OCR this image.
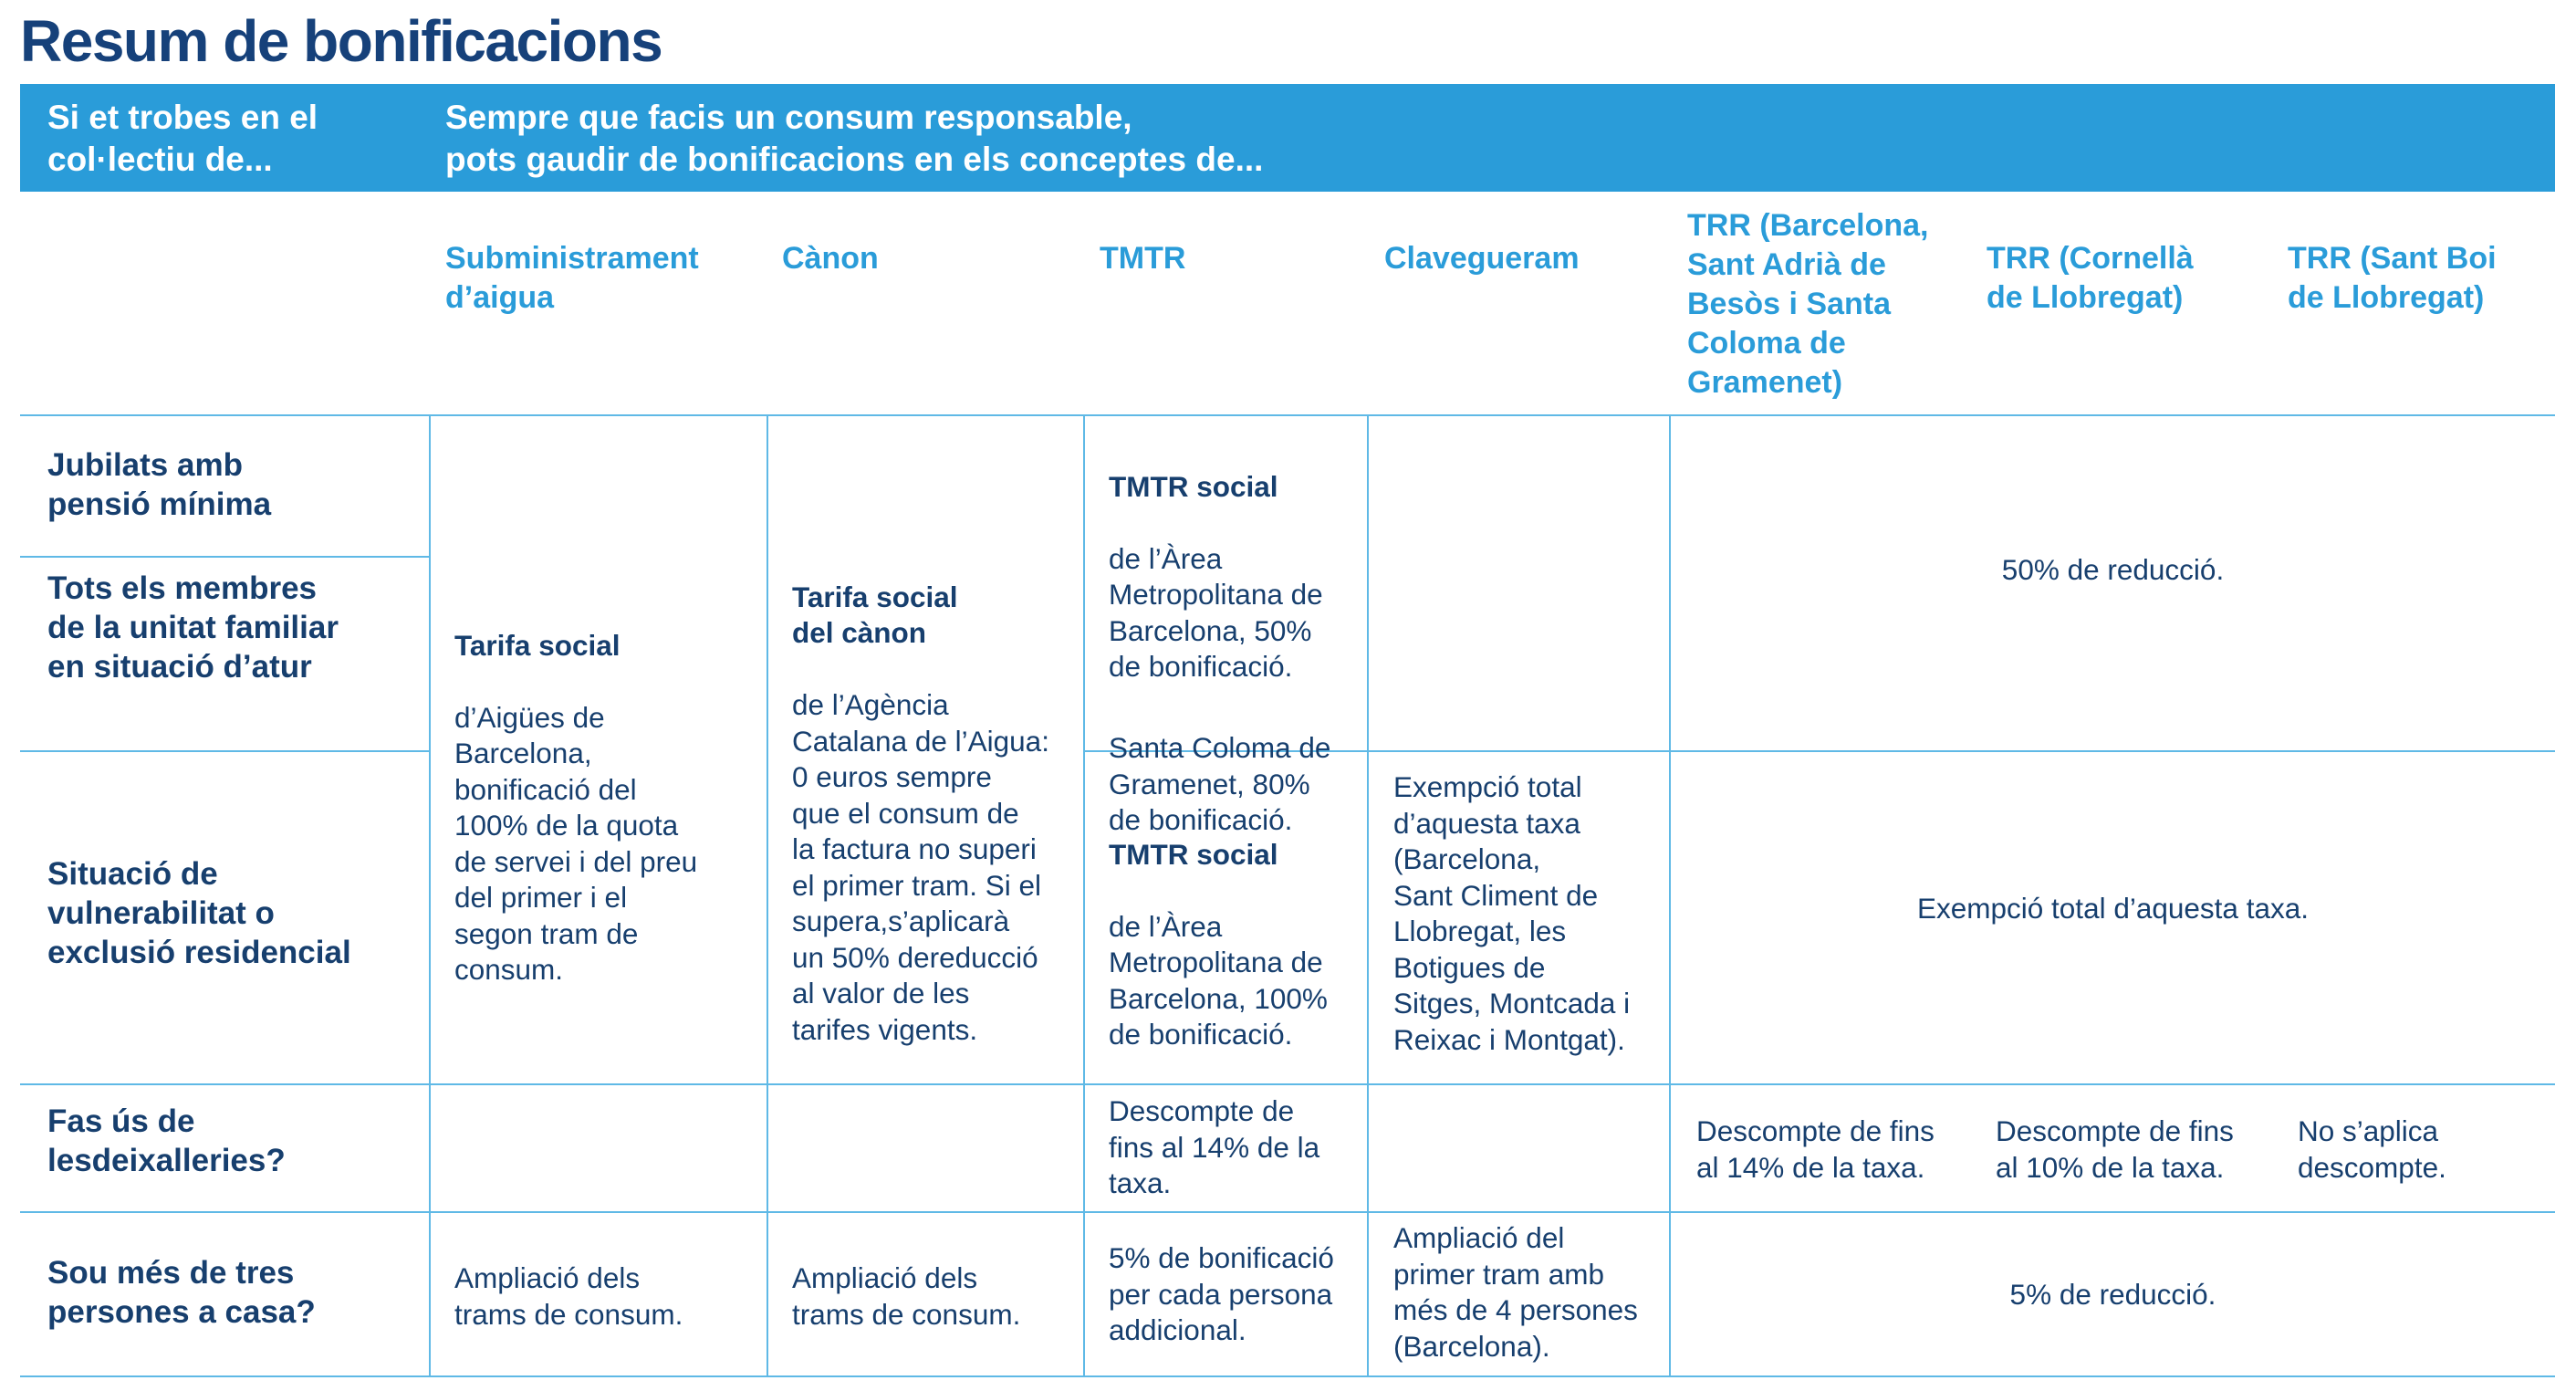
Resum de bonificacions
Si et trobes en el
col·lectiu de...
Sempre que facis un consum responsable,
pots gaudir de bonificacions en els conceptes de...
Subministrament
d’aigua
Cànon	TMTR	Clavegueram
TRR (Barcelona,
Sant Adrià de
Besòs i Santa
Coloma de
Gramenet)
TRR (Cornellà
de Llobregat)
TRR (Sant Boi
de Llobregat)
Jubilats amb
pensió mínima
Tots els membres
de la unitat familiar
en situació d’atur
Situació de
vulnerabilitat o
exclusió residencial
Fas ús de
lesdeixalleries?
Sou més de tres
persones a casa?

Tarifa social

d’Aigües de
Barcelona,
bonificació del
100% de la quota
de servei i del preu
del primer i el
segon tram de
consum.

Tarifa social
del cànon

de l’Agència
Catalana de l’Aigua:
0 euros sempre
que el consum de
la factura no superi
el primer tram. Si el
supera,s’aplicarà
un 50% dereducció
al valor de les
tarifes vigents.

TMTR social

de l’Àrea
Metropolitana de
Barcelona, 50%
de bonificació.

Santa Coloma de
Gramenet, 80%
de bonificació.

TMTR social

de l’Àrea
Metropolitana de
Barcelona, 100%
de bonificació.

Exempció total
d’aquesta taxa
(Barcelona,
Sant Climent de
Llobregat, les
Botigues de
Sitges, Montcada i
Reixac i Montgat).
50% de reducció.
Exempció total d’aquesta taxa.
Descompte de
fins al 14% de la
taxa.
Descompte de fins
al 14% de la taxa.
Descompte de fins
al 10% de la taxa.
No s’aplica
descompte.
Ampliació dels
trams de consum.
Ampliació dels
trams de consum.
5% de bonificació
per cada persona
addicional.
Ampliació del
primer tram amb
més de 4 persones
(Barcelona).
5% de reducció.
